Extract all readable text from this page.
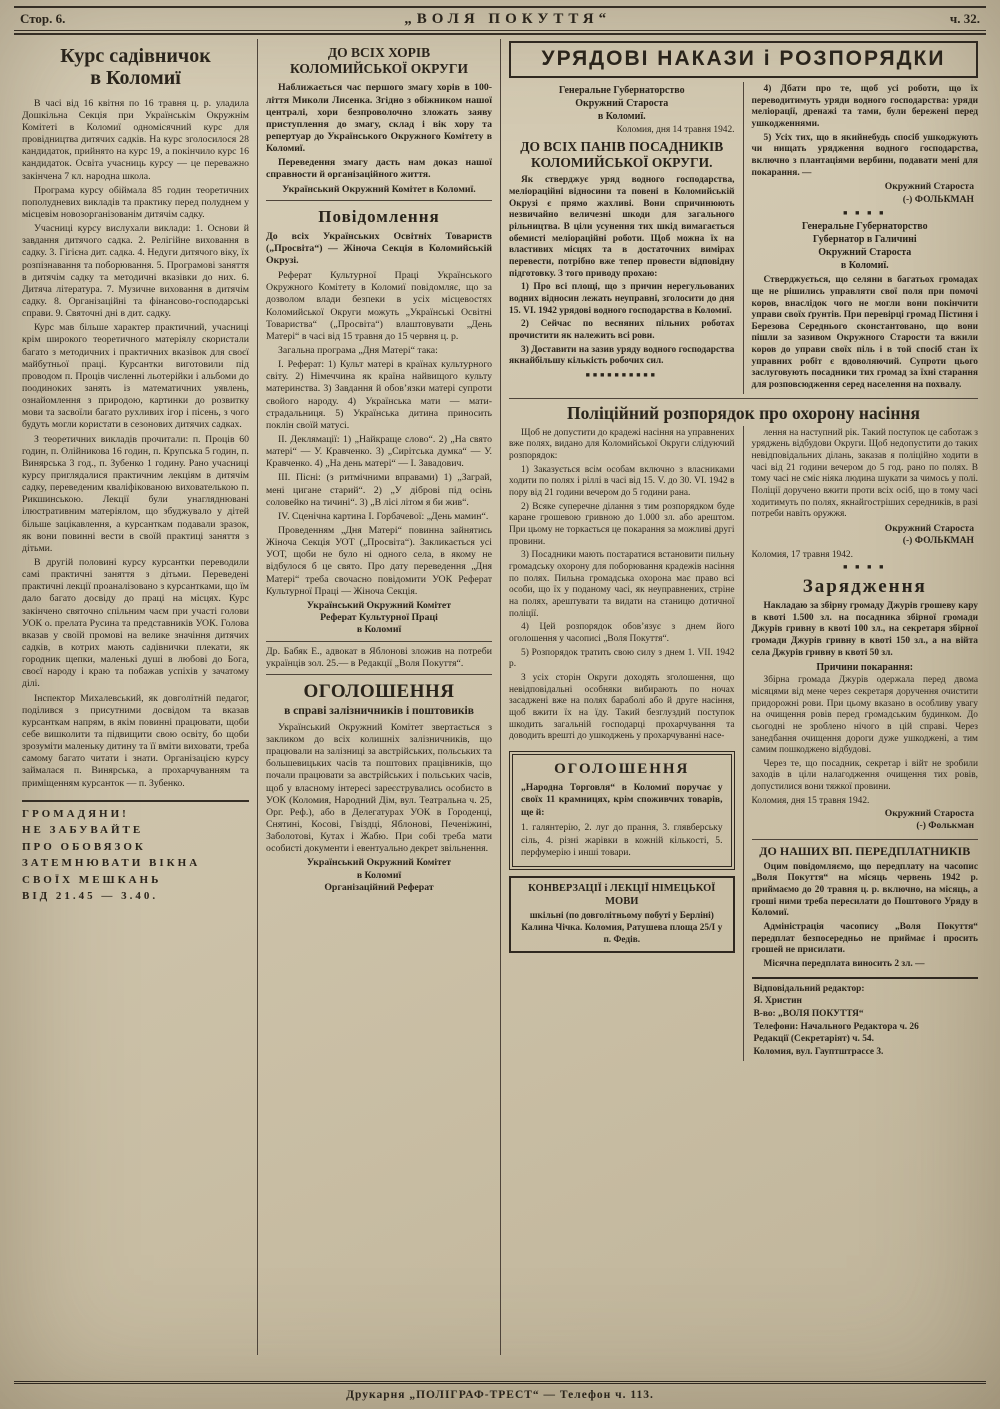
Стор. 6.	„ВОЛЯ ПОКУТТЯ“	ч. 32.
Курс садівничок
в Коломиї

В часі від 16 квітня по 16 травня ц. р. уладила Дошкільна Секція при Українськім Окружнім Комітеті в Коломиї одномісячний курс для провідництва дитячих садків. На курс зголосилося 28 кандидаток, прийнято на курс 19, а покінчило курс 16 кандидаток. Освіта учасниць курсу — це переважно закінчена 7 кл. народна школа.

Програма курсу обіймала 85 годин теоретичних пополудневих викладів та практику перед полуднем у місцевім новозорганізованім дитячім садку.

Учасниці курсу вислухали виклади: 1. Основи й завдання дитячого садка. 2. Релігійне виховання в садку. 3. Гігієна дит. садка. 4. Недуги дитячого віку, їх розпізнавання та поборювання. 5. Програмові заняття в дитячім садку та методичні вказівки до них. 6. Дитяча література. 7. Музичне виховання в дитячім садку. 8. Організаційні та фінансово-господарські справи. 9. Святочні дні в дит. садку.

Курс мав більше характер практичний, учасниці крім широкого теоретичного матеріялу скористали багато з методичних і практичних вказівок для своєї майбутньої праці. Курсантки виготовили під проводом п. Проців численні льотерійки і альбоми до поодиноких занять із математичних уявлень, ознайомлення з природою, картинки до розвитку мови та засвоїли багато рухливих ігор і пісень, з чого будуть могли користати в сезонових дитячих садках.

З теоретичних викладів прочитали: п. Проців 60 годин, п. Олійникова 16 годин, п. Крупська 5 годин, п. Винярська 3 год., п. Зубенко 1 годину. Рано учасниці курсу приглядалися практичним лекціям в дитячім садку, переведеним кваліфікованою вихователькою п. Рикшинською. Лекції були унагляднювані ілюстративним матеріялом, що збуджувало у дітей більше зацікавлення, а курсанткам подавали зразок, як вони повинні вести в своїй практиці заняття з дітьми.

В другій половині курсу курсантки переводили самі практичні заняття з дітьми. Переведені практичні лекції проаналізовано з курсантками, що їм дало багато досвіду до праці на місцях. Курс закінчено святочно спільним чаєм при участі голови УОК о. прелата Русина та представників УОК. Голова вказав у своїй промові на велике значіння дитячих садків, в котрих мають садівнички плекати, як городник щепки, маленькі душі в любові до Бога, своєї народу і краю та побажав успіхів у зачатому ділі.

Інспектор Михалевський, як довголітній педагог, поділився з присутними досвідом та вказав курсанткам напрям, в якім повинні працювати, щоби себе вишколити та підвищити свою освіту, бо щоби зрозуміти маленьку дитину та її вміти виховати, треба самому багато читати і знати. Організацією курсу займалася п. Винярська, а прохарчуванням та приміщенням курсанток — п. Зубенко.

ГРОМАДЯНИ!
НЕ ЗАБУВАЙТЕ
ПРО ОБОВЯЗОК
ЗАТЕМНЮВАТИ ВІКНА
СВОЇХ МЕШКАНЬ
ВІД 21.45 — 3.40.
ДО ВСІХ ХОРІВ
КОЛОМИЙСЬКОЇ ОКРУГИ

Наближається час першого змагу хорів в 100-ліття Миколи Лисенка. Згідно з обіжником нашої централі, хори безпроволочно зложать заяву приступлення до змагу, склад і вік хору та репертуар до Українського Окружного Комітету в Коломиї.

Переведення змагу дасть нам доказ нашої справности й організаційного життя.

Український Окружний Комітет в Коломиї.
Повідомлення

До всіх Українських Освітніх Товариств („Просвіта“) — Жіноча Секція в Коломийській Окрузі.

Реферат Культурної Праці Українського Окружного Комітету в Коломиї повідомляє, що за дозволом влади безпеки в усіх місцевостях Коломийської Округи можуть „Українські Освітні Товариства“ („Просвіта“) влаштовувати „День Матері“ в часі від 15 травня до 15 червня ц. р.

Загальна програма „Дня Матері“ така:

I. Реферат: 1) Культ матері в країнах культурного світу. 2) Німеччина як країна найвищого культу материнства. 3) Завдання й обов’язки матері супроти свойого народу. 4) Українська мати — мати-страдальниця. 5) Українська дитина приносить поклін своїй матусі.

II. Деклямації: 1) „Найкраще слово“. 2) „На свято матері“ — У. Кравченко. 3) „Сирітська думка“ — У. Кравченко. 4) „На день матері“ — І. Завадович.

III. Пісні: (з ритмічними вправами) 1) „Заграй, мені цигане старий“. 2) „У діброві під осінь соловейко на тичині“. 3) „В лісі літом я би жив“.

IV. Сценічна картина І. Горбачевої: „День мамин“.

Проведенням „Дня Матері“ повинна зайнятись Жіноча Секція УОТ („Просвіта“). Закликається усі УОТ, щоби не було ні одного села, в якому не відбулося б це свято. Про дату переведення „Дня Матері“ треба свочасно повідомити УОК Реферат Культурної Праці — Жіноча Секція.

Український Окружний Комітет
Реферат Культурної Праці
в Коломиї

Др. Бабяк Е., адвокат в Яблонові зложив на потреби українців зол. 25.— в Редакції „Воля Покуття“.

ОГОЛОШЕННЯ
в справі залізничників і поштовиків

Український Окружний Комітет звертається з закликом до всіх колишніх залізничників, що працювали на залізниці за австрійських, польських та большевицьких часів та поштових працівників, що почали працювати за австрійських і польських часів, щоб у власному інтересі зареєструвались особисто в УОК (Коломия, Народний Дім, вул. Театральна ч. 25, Орг. Реф.), або в Делегатурах УОК в Городенці, Снятині, Косові, Гвіздці, Яблонові, Печеніжині, Заболотові, Кутах і Жабю. При собі треба мати особисті документи і евентуально декрет звільнення.

Український Окружний Комітет
в Коломиї
Організаційний Реферат
УРЯДОВІ НАКАЗИ і РОЗПОРЯДКИ
Генеральне Губернаторство
Окружний Староста
в Коломиї.
Коломия, дня 14 травня 1942.
ДО ВСІХ ПАНІВ ПОСАДНИКІВ
КОЛОМИЙСЬКОЇ ОКРУГИ.

Як стверджує уряд водного господарства, меліораційні відносини та повені в Коломийській Окрузі є прямо жахливі. Вони спричинюють незвичайно величезні шкоди для загального рільництва. В ціли усунення тих шкід вимагається обемисті меліораційні роботи. Щоб можна їх на властивих місцях та в достаточних вимірах перевести, потрібно вже тепер провести відповідну підготовку. З того приводу прохаю:

1) Про всі площі, що з причин нерегульованих водних відносин лежать неуправні, зголосити до дня 15. VI. 1942 урядові водного господарства в Коломиї.

2) Сейчас по весняних пільних роботах прочистити як належить всі рови.

3) Доставити на зазив уряду водного господарства якнайбільшу кількість робочих сил.

■■■■■■■■■■

4) Дбати про те, щоб усі роботи, що їх переводитимуть уряди водного господарства: уряди меліорації, дренажі та тами, були бережені перед ушкодженнями.

5) Усіх тих, що в якийнебудь спосіб ушкоджують чи нищать урядження водного господарства, включно з плантаціями вербини, подавати мені для покарання. —

Окружний Староста
(-) ФОЛЬКМАН
■ ■ ■ ■
Генеральне Губернаторство
Губернатор в Галичині
Окружний Староста
в Коломиї.

Стверджується, що селяни в багатьох громадах ще не рішились управляти свої поля при помочі коров, внаслідок чого не могли вони покінчити управи своїх ґрунтів. При перевірці громад Пістиня і Березова Середнього сконстантовано, що вони пішли за зазивом Окружного Старости та вжили коров до управи своїх піль і в той спосіб стан їх управних робіт є вдоволяючий. Супроти цього заслуговують посадники тих громад за їхні старання для розповсюдження серед населення на похвалу.

Поліційний розпорядок про охорону насіння

Щоб не допустити до крадежі насіння на управнених вже полях, видано для Коломийської Округи слідуючий розпорядок:

1) Заказується всім особам включно з власниками ходити по полях і ріллі в часі від 15. V. до 30. VI. 1942 в пору від 21 години вечером до 5 години рана.

2) Всяке суперечне ділання з тим розпорядком буде каране грошевою гривною до 1.000 зл. або арештом. При цьому не торкається це покарання за можливі другі провини.

3) Посадники мають постаратися встановити пильну громадську охорону для поборювання крадежів насіння по полях. Пильна громадська охорона має право всі особи, що їх у поданому часі, як неуправнених, стріне на полях, арештувати та видати на станицю дотичної поліції.

4) Цей розпорядок обов’язує з днем його оголошення у часописі „Воля Покуття“.

5) Розпорядок тратить свою силу з днем 1. VII. 1942 р.

З усіх сторін Округи доходять зголошення, що невідповідальні особняки вибирають по ночах засаджені вже на полях бараболі або й друге насіння, щоб вжити їх на їду. Такий безглуздий поступок шкодить загальній господарці прохарчування та доводить врешті до ушкоджень у прохарчуванні насе-

ОГОЛОШЕННЯ

„Народна Торговля“ в Коломиї поручає у своїх 11 крамницях, крім споживчих товарів, ще й:

1. галянтерію, 2. луг до прання, 3. глявберську сіль, 4. різні жарівки в кожній кількості, 5. перфумерію і инші товари.

КОНВЕРЗАЦІЇ і ЛЕКЦІЇ НІМЕЦЬКОЇ МОВИ
шкільні (по довголітньому побуті у Берліні) Калина Чічка. Коломия, Ратушева площа 25/І у п. Федів.

лення на наступний рік. Такий поступок це саботаж з уряджень відбудови Округи. Щоб недопустити до таких невідповідальних ділань, заказав я поліційно ходити в часі від 21 години вечером до 5 год. рано по полях. В тому часі не сміє ніяка людина шукати за чимось у полі. Поліції доручено вжити проти всіх осіб, що в тому часі ходитимуть по полях, якнайгостріших середників, в разі потреби навіть оружжя.

Окружний Староста
(-) ФОЛЬКМАН
Коломия, 17 травня 1942.
■ ■ ■ ■
Зарядження

Накладаю за збірну громаду Джурів грошеву кару в квоті 1.500 зл. на посадника збірної громади Джурів гривну в квоті 100 зл., на секретаря збірної громади Джурів гривну в квоті 150 зл., а на війта села Джурів гривну в квоті 50 зл.

Причини покарання:

Збірна громада Джурів одержала перед двома місяцями від мене через секретаря доручення очистити придорожні рови. При цьому вказано в особливу увагу на очищення ровів перед громадським будинком. До сьогодні не зроблено нічого в цій справі. Через занедбання очищення дороги дуже ушкоджені, а тим самим пошкоджено відбудові.

Через те, що посадник, секретар і війт не зробили заходів в ціли налагодження очищення тих ровів, допустилися вони тяжкої провини.

Коломия, дня 15 травня 1942.
Окружний Староста
(-) Фолькман
ДО НАШИХ ВП. ПЕРЕДПЛАТНИКІВ

Оцим повідомляємо, що передплату на часопис „Воля Покуття“ на місяць червень 1942 р. приймаємо до 20 травня ц. р. включно, на місяць, а гроші ними треба пересилати до Поштового Уряду в Коломиї.

Адміністрація часопису „Воля Покуття“ передплат безпосередньо не приймає і просить грошей не присилати.

Місячна передплата виносить 2 зл. —

Відповідальний редактор:
Я. Христин
В-во: „ВОЛЯ ПОКУТТЯ“
Телефони: Начального Редактора ч. 26
Редакції (Секретаріят) ч. 54.
Коломия, вул. Гауптштрассе 3.
Друкарня „ПОЛІГРАФ-ТРЕСТ“ — Телефон ч. 113.
